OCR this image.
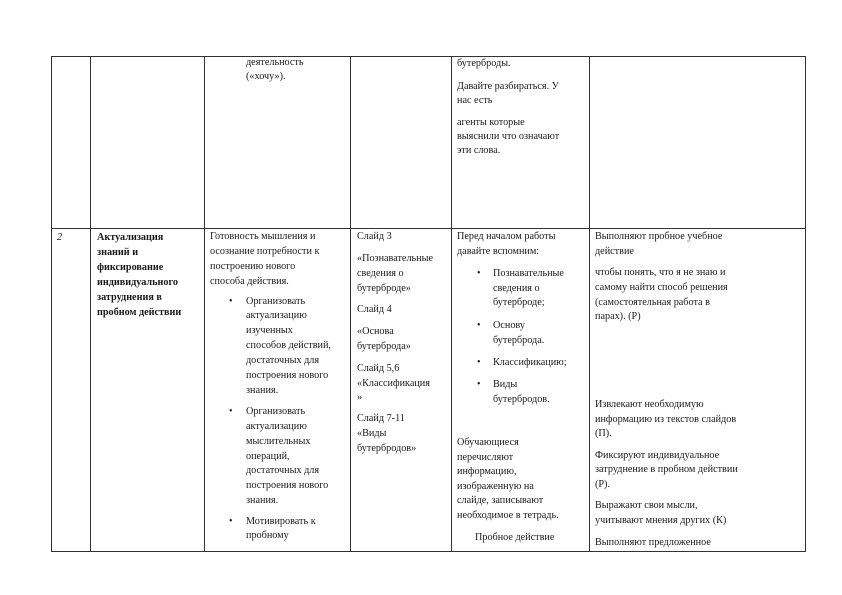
деятельность
(«хочу»).
бутерброды.
Давайте разбираться. У
нас есть
агенты которые
выяснили что означают
эти слова.
2	Актуализация
знаний и
фиксирование
индивидуального
затруднения в
пробном действии
Готовность мышления и
осознание потребности к
построению нового
способа действия.
• Организовать
актуализацию
изученных
способов действий,
достаточных для
построения нового
знания.
• Организовать
актуализацию
мыслительных
операций,
достаточных для
построения нового
знания.
• Мотивировать к
пробному
Слайд 3
«Познавательные
сведения о
бутерброде»
Слайд 4
«Основа
бутерброда»
Слайд 5,6
«Классификация
»
Слайд 7-11
«Виды
бутербродов»
Перед началом работы
давайте вспомним:
• Познавательные
сведения о
бутерброде;
• Основу
бутерброда.
• Классификацию;
• Виды
бутербродов.
Обучающиеся
перечисляют
информацию,
изображенную на
слайде, записывают
необходимое в тетрадь.
Пробное действие
Выполняют пробное учебное
действие
чтобы понять, что я не знаю и
самому найти способ решения
(самостоятельная работа в
парах). (Р)
Извлекают необходимую
информацию из текстов слайдов
(П).
Фиксируют индивидуальное
затруднение в пробном действии
(Р).
Выражают свои мысли,
учитывают мнения других (К)
Выполняют предложенное
